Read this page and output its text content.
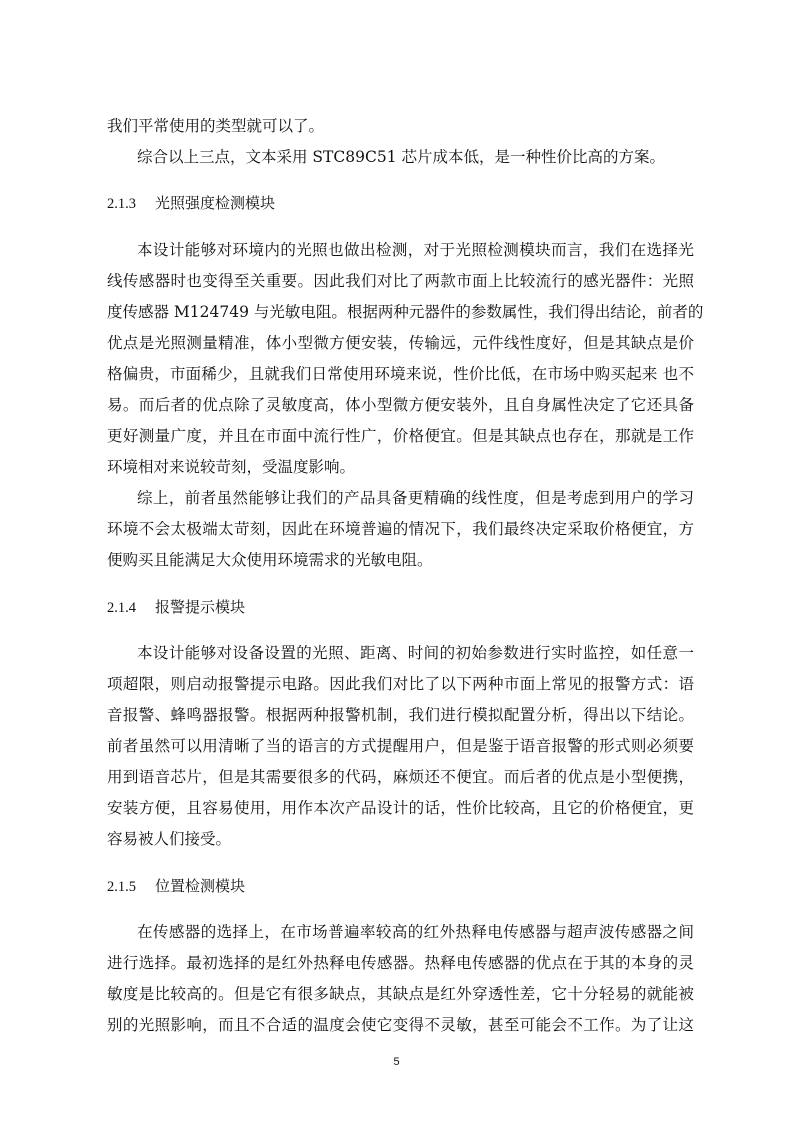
我们平常使用的类型就可以了。
综合以上三点，文本采用 STC89C51 芯片成本低，是一种性价比高的方案。
2.1.3 光照强度检测模块
本设计能够对环境内的光照也做出检测，对于光照检测模块而言，我们在选择光
线传感器时也变得至关重要。因此我们对比了两款市面上比较流行的感光器件：光照
度传感器 M124749 与光敏电阻。根据两种元器件的参数属性，我们得出结论，前者的
优点是光照测量精准，体小型微方便安装，传输远，元件线性度好，但是其缺点是价
格偏贵，市面稀少，且就我们日常使用环境来说，性价比低，在市场中购买起来 也不
易。而后者的优点除了灵敏度高，体小型微方便安装外，且自身属性决定了它还具备
更好测量广度，并且在市面中流行性广，价格便宜。但是其缺点也存在，那就是工作
环境相对来说较苛刻，受温度影响。
综上，前者虽然能够让我们的产品具备更精确的线性度，但是考虑到用户的学习
环境不会太极端太苛刻，因此在环境普遍的情况下，我们最终决定采取价格便宜，方
便购买且能满足大众使用环境需求的光敏电阻。
2.1.4 报警提示模块
本设计能够对设备设置的光照、距离、时间的初始参数进行实时监控，如任意一
项超限，则启动报警提示电路。因此我们对比了以下两种市面上常见的报警方式：语
音报警、蜂鸣器报警。根据两种报警机制，我们进行模拟配置分析，得出以下结论。
前者虽然可以用清晰了当的语言的方式提醒用户，但是鉴于语音报警的形式则必须要
用到语音芯片，但是其需要很多的代码，麻烦还不便宜。而后者的优点是小型便携，
安装方便，且容易使用，用作本次产品设计的话，性价比较高，且它的价格便宜，更
容易被人们接受。
2.1.5 位置检测模块
在传感器的选择上，在市场普遍率较高的红外热释电传感器与超声波传感器之间
进行选择。最初选择的是红外热释电传感器。热释电传感器的优点在于其的本身的灵
敏度是比较高的。但是它有很多缺点，其缺点是红外穿透性差，它十分轻易的就能被
别的光照影响，而且不合适的温度会使它变得不灵敏，甚至可能会不工作。为了让这
5
